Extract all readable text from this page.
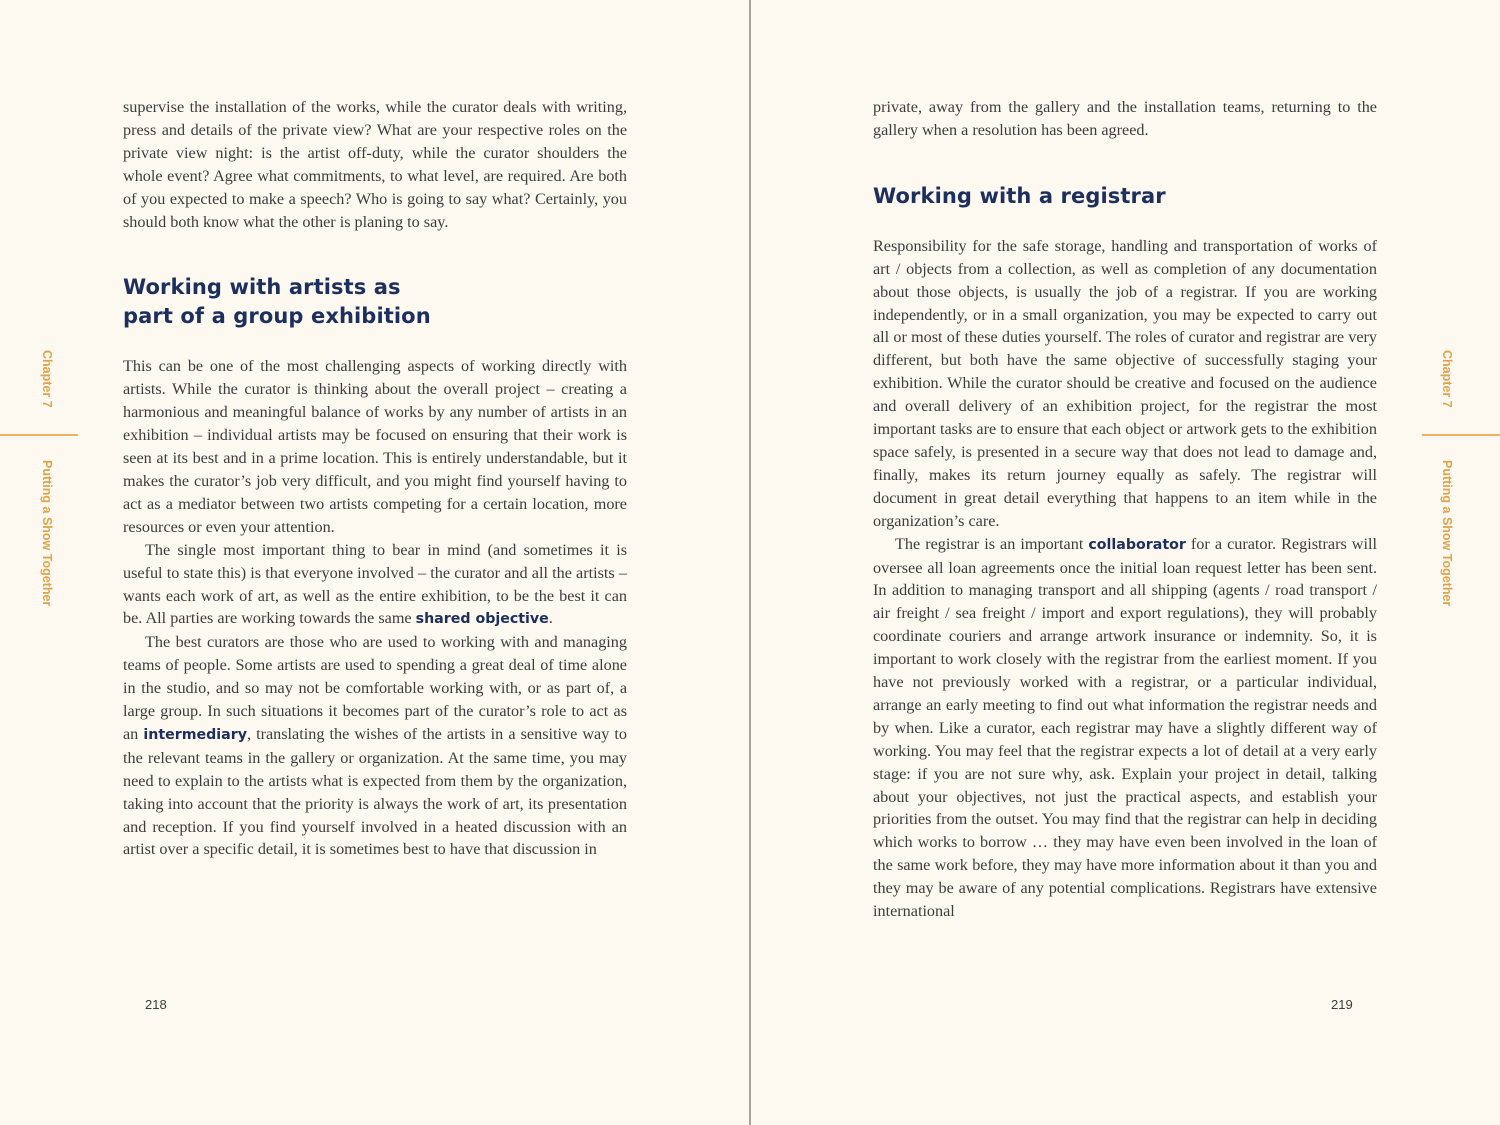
supervise the installation of the works, while the curator deals with writing, press and details of the private view? What are your respective roles on the private view night: is the artist off-duty, while the curator shoulders the whole event? Agree what commitments, to what level, are required. Are both of you expected to make a speech? Who is going to say what? Certainly, you should both know what the other is planing to say.

Working with artists as part of a group exhibition

This can be one of the most challenging aspects of working directly with artists. While the curator is thinking about the overall project – creating a harmonious and meaningful balance of works by any number of artists in an exhibition – individual artists may be focused on ensuring that their work is seen at its best and in a prime location. This is entirely understandable, but it makes the curator’s job very difficult, and you might find yourself having to act as a mediator between two artists competing for a certain location, more resources or even your attention.

The single most important thing to bear in mind (and sometimes it is useful to state this) is that everyone involved – the curator and all the artists – wants each work of art, as well as the entire exhibition, to be the best it can be. All parties are working towards the same shared objective.

The best curators are those who are used to working with and managing teams of people. Some artists are used to spending a great deal of time alone in the studio, and so may not be comfortable working with, or as part of, a large group. In such situations it becomes part of the curator’s role to act as an intermediary, translating the wishes of the artists in a sensitive way to the relevant teams in the gallery or organization. At the same time, you may need to explain to the artists what is expected from them by the organization, taking into account that the priority is always the work of art, its presentation and reception. If you find yourself involved in a heated discussion with an artist over a specific detail, it is sometimes best to have that discussion in

Chapter 7
Putting a Show Together
218

private, away from the gallery and the installation teams, returning to the gallery when a resolution has been agreed.

Working with a registrar

Responsibility for the safe storage, handling and transportation of works of art / objects from a collection, as well as completion of any documentation about those objects, is usually the job of a registrar. If you are working independently, or in a small organization, you may be expected to carry out all or most of these duties yourself. The roles of curator and registrar are very different, but both have the same objective of successfully staging your exhibition. While the curator should be creative and focused on the audience and overall delivery of an exhibition project, for the registrar the most important tasks are to ensure that each object or artwork gets to the exhibition space safely, is presented in a secure way that does not lead to damage and, finally, makes its return journey equally as safely. The registrar will document in great detail everything that happens to an item while in the organization’s care.

The registrar is an important collaborator for a curator. Registrars will oversee all loan agreements once the initial loan request letter has been sent. In addition to managing transport and all shipping (agents / road transport / air freight / sea freight / import and export regulations), they will probably coordinate couriers and arrange artwork insurance or indemnity. So, it is important to work closely with the registrar from the earliest moment. If you have not previously worked with a registrar, or a particular individual, arrange an early meeting to find out what information the registrar needs and by when. Like a curator, each registrar may have a slightly different way of working. You may feel that the registrar expects a lot of detail at a very early stage: if you are not sure why, ask. Explain your project in detail, talking about your objectives, not just the practical aspects, and establish your priorities from the outset. You may find that the registrar can help in deciding which works to borrow … they may have even been involved in the loan of the same work before, they may have more information about it than you and they may be aware of any potential complications. Registrars have extensive international

Chapter 7
Putting a Show Together
219
